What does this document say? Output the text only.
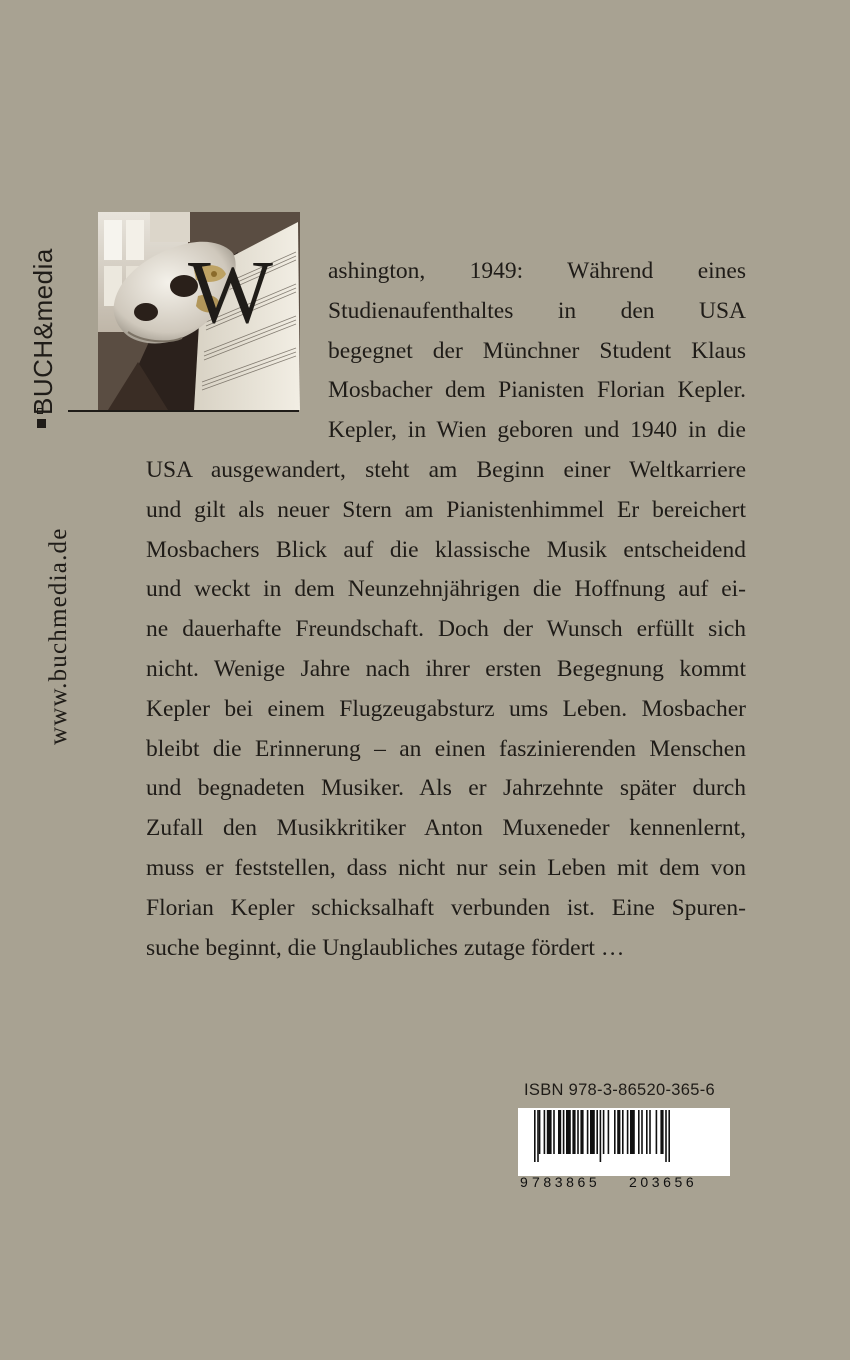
BUCH&media
www.buchmedia.de
W	ashington, 1949: Während eines
Studienaufenthaltes in den USA
begegnet der Münchner Student Klaus
Mosbacher dem Pianisten Florian Kepler.
Kepler, in Wien geboren und 1940 in die
USA ausgewandert, steht am Beginn einer Weltkarriere
und gilt als neuer Stern am Pianistenhimmel Er bereichert
Mosbachers Blick auf die klassische Musik entscheidend
und weckt in dem Neunzehnjährigen die Hoffnung auf ei-
ne dauerhafte Freundschaft. Doch der Wunsch erfüllt sich
nicht. Wenige Jahre nach ihrer ersten Begegnung kommt
Kepler bei einem Flugzeugabsturz ums Leben. Mosbacher
bleibt die Erinnerung – an einen faszinierenden Menschen
und begnadeten Musiker. Als er Jahrzehnte später durch
Zufall den Musikkritiker Anton Muxeneder kennenlernt,
muss er feststellen, dass nicht nur sein Leben mit dem von
Florian Kepler schicksalhaft verbunden ist. Eine Spuren-
suche beginnt, die Unglaubliches zutage fördert …
ISBN 978-3-86520-365-6
9 783865 203656
